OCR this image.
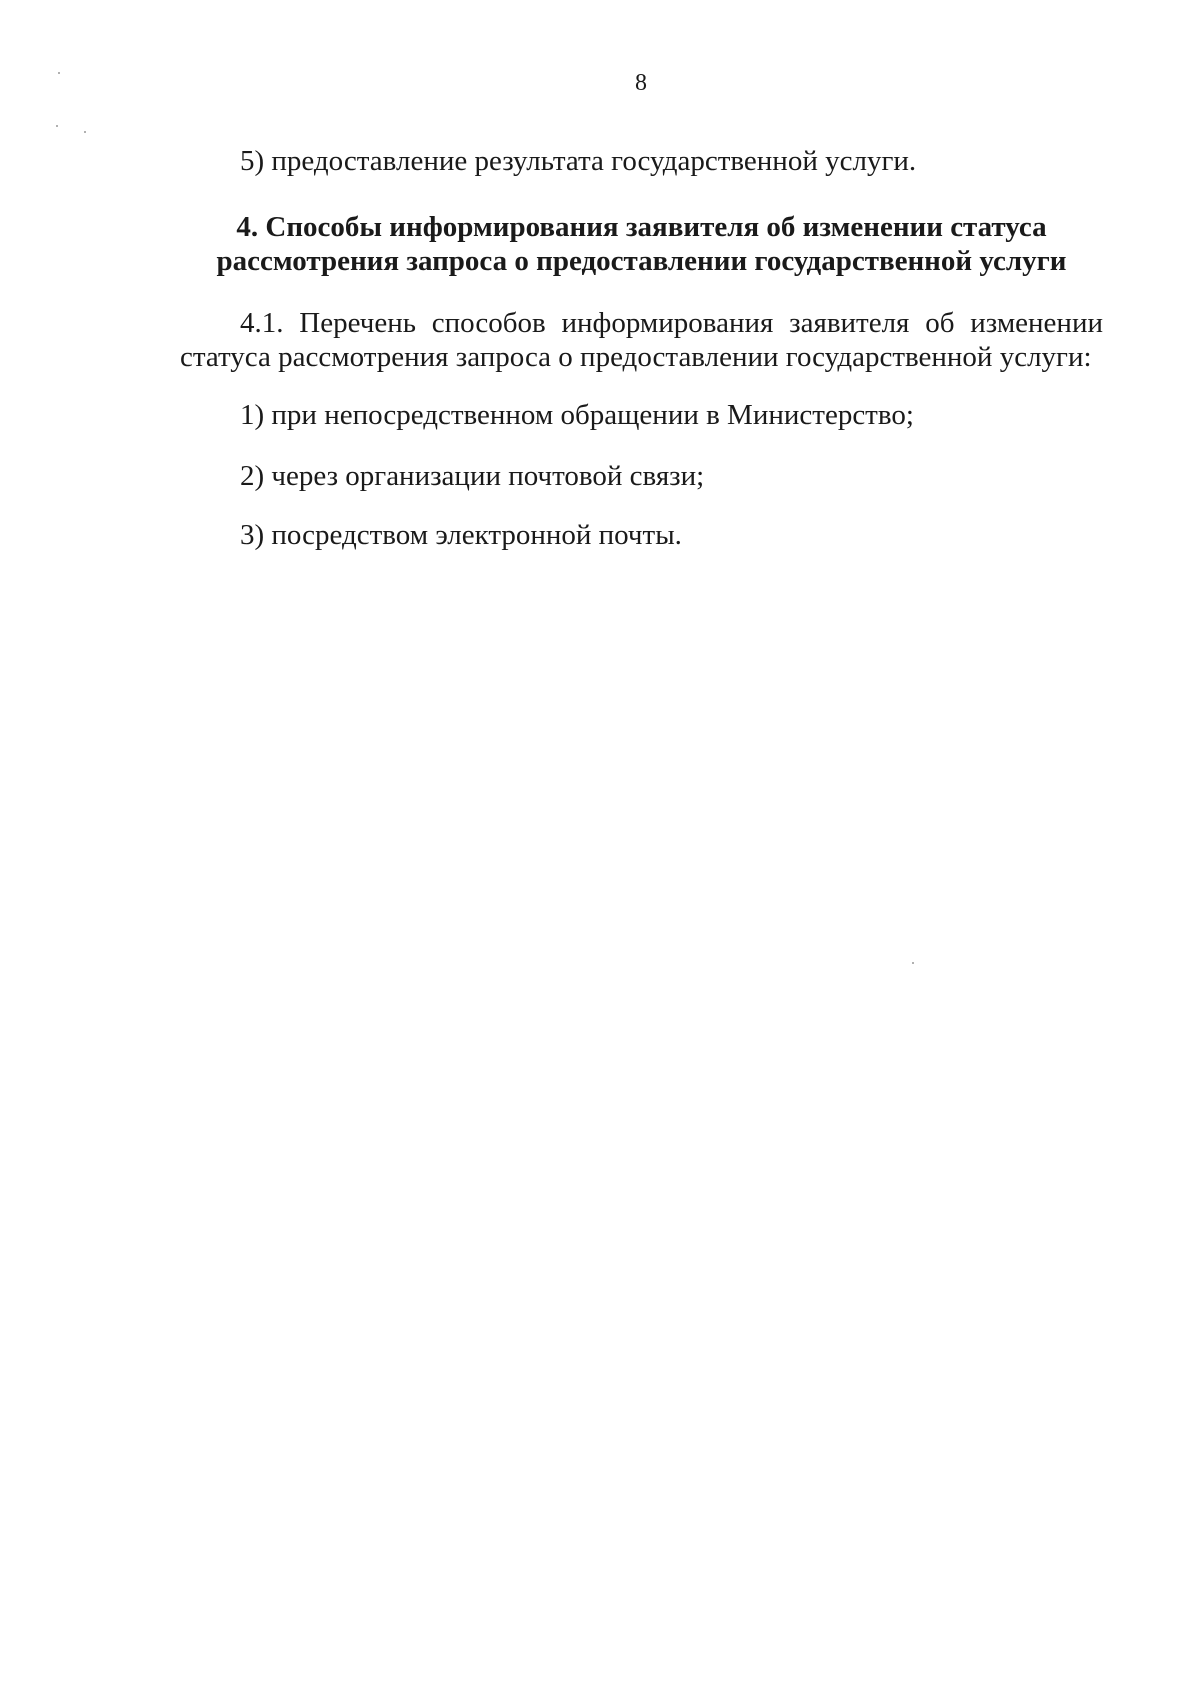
8
5) предоставление результата государственной услуги.
4. Способы информирования заявителя об изменении статуса
рассмотрения запроса о предоставлении государственной услуги
4.1. Перечень способов информирования заявителя об изменении
статуса рассмотрения запроса о предоставлении государственной услуги:
1) при непосредственном обращении в Министерство;
2) через организации почтовой связи;
3) посредством электронной почты.
